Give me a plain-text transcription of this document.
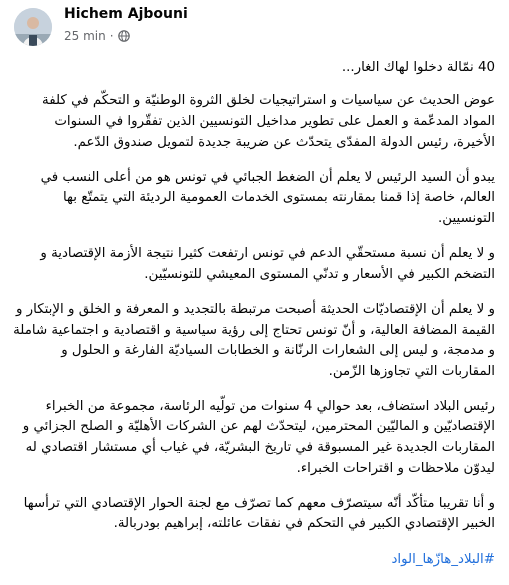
Hichem Ajbouni
25 min ·

40 نمّالة دخلوا لهاك الغار...

عوض الحديث عن سياسيات و استراتيجيات لخلق الثروة الوطنيّة و التحكّم في كلفة المواد المدعّمة و العمل على تطوير مداخيل التونسيين الذين تفقّروا في السنوات الأخيرة، رئيس الدولة المفدّى يتحدّث عن ضريبة جديدة لتمويل صندوق الدّعم.

يبدو أن السيد الرئيس لا يعلم أن الضغط الجبائي في تونس هو من أعلى النسب في العالم، خاصة إذا قمنا بمقارنته بمستوى الخدمات العمومية الرديئة التي يتمتّع بها التونسيين.

و لا يعلم أن نسبة مستحقّي الدعم في تونس ارتفعت كثيرا نتيجة الأزمة الإقتصادية و التضخم الكبير في الأسعار و تدنّي المستوى المعيشي للتونسيّين.

و لا يعلم أن الإقتصاديّات الحديثة أصبحت مرتبطة بالتجديد و المعرفة و الخلق و الإبتكار و القيمة المضافة العالية، و أنّ تونس تحتاج إلى رؤية سياسية و اقتصادية و اجتماعية شاملة و مدمجة، و ليس إلى الشعارات الرنّانة و الخطابات السياديّة الفارغة و الحلول و المقاربات التي تجاوزها الزّمن.

رئيس البلاد استضاف، بعد حوالي 4 سنوات من تولّيه الرئاسة، مجموعة من الخبراء الإقتصاديّين و الماليّين المحترمين، ليتحدّث لهم عن الشركات الأهليّة و الصلح الجزائي و المقاربات الجديدة غير المسبوقة في تاريخ البشريّة، في غياب أي مستشار اقتصادي له ليدوّن ملاحظات و اقتراحات الخبراء.

و أنا تقريبا متأكّد أنّه سيتصرّف معهم كما تصرّف مع لجنة الحوار الإقتصادي التي ترأسها الخبير الإقتصادي الكبير في التحكم في نفقات عائلته، إبراهيم بودربالة.

#البلاد_هازّها_الواد
